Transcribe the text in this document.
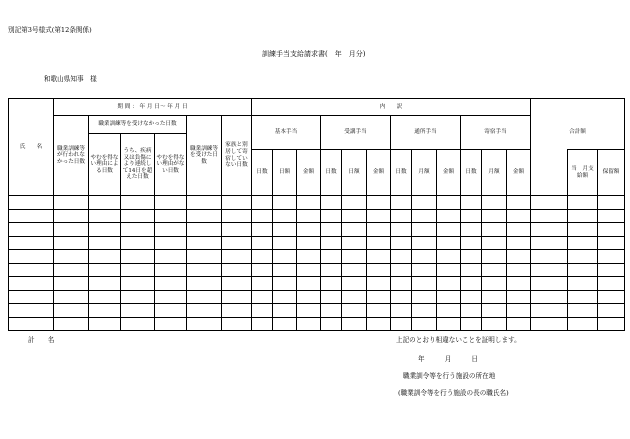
別記第3号様式(第12条関係)
訓練手当支給請求書(　年　月分)
和歌山県知事　様
氏　　名	期 間 ： 年 月 日～ 年 月 日						内　　訳														
	職業訓練等が行われなかった日数	職業訓練等を受けなかった日数			職業訓練等を受けた日数	家族と別居して寄宿していない日数	基本手当			受講手当			通所手当			寄宿手当			合計額		
		やむを得ない理由による日数	うち、疾病又は負傷により連続して14日を超えた日数	やむを得ない理由がない日数																	
							日数	日額	金額	日数	日額	金額	日数	月額	金額	日数	月額	金額		当　月支給額	保留額

計　　名	上記のとおり相違ないことを証明します。
年 月 日
職業訓令等を行う施設の所在地
(職業訓令等を行う施設の長の職氏名)
